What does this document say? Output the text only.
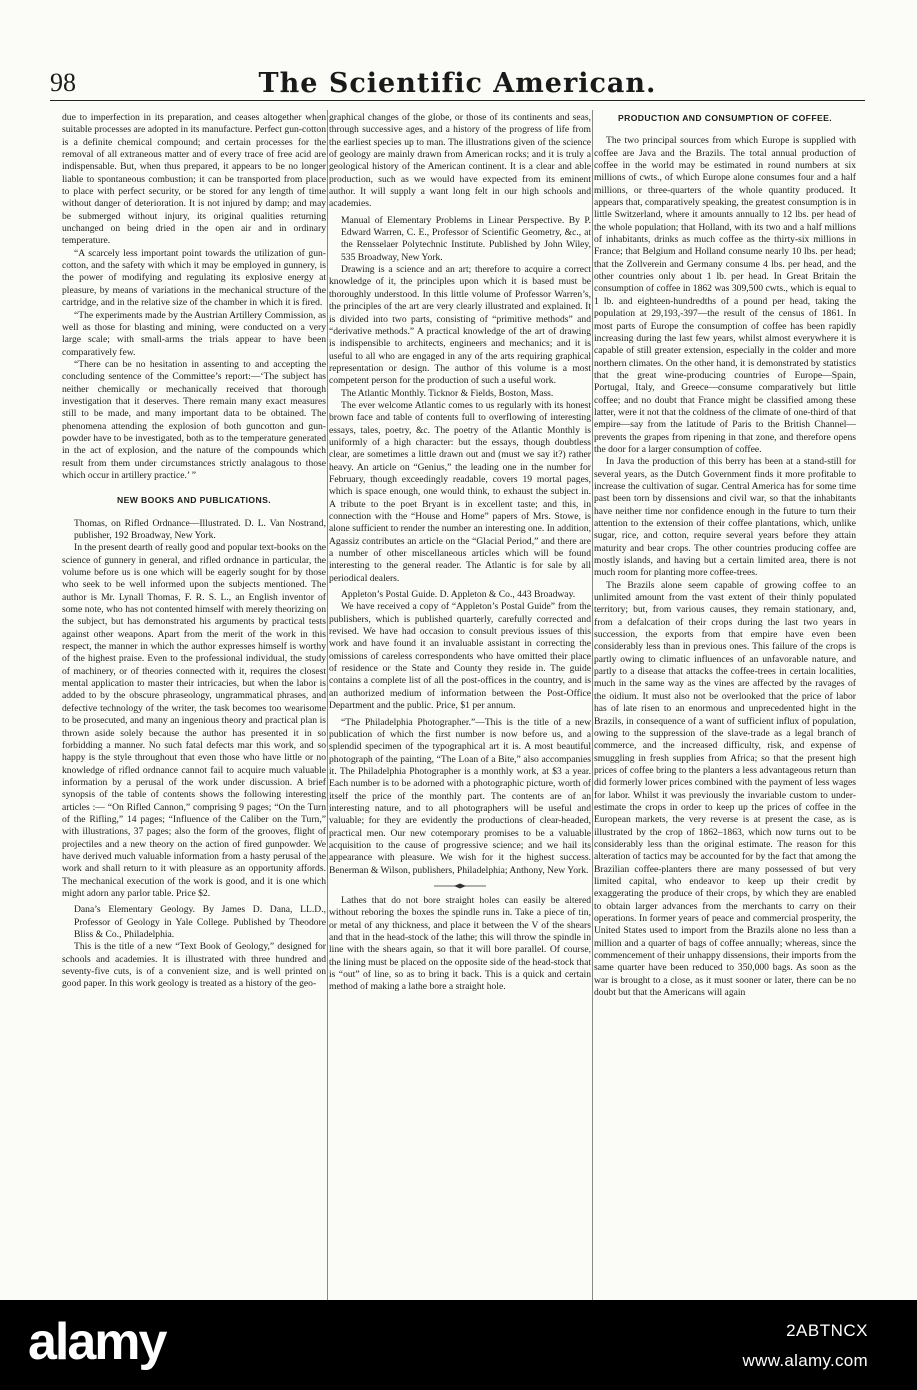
98	The Scientific American.

due to imperfection in its preparation, and ceases altogether when suitable processes are adopted in its manufacture. Perfect gun-cotton is a definite chemical compound; and certain processes for the removal of all extraneous matter and of every trace of free acid are indispensable. But, when thus prepared, it appears to be no longer liable to spontaneous combustion; it can be transported from place to place with perfect security, or be stored for any length of time without danger of deterioration. It is not injured by damp; and may be submerged without injury, its original qualities returning unchanged on being dried in the open air and in ordinary temperature.

“A scarcely less important point towards the utilization of gun-cotton, and the safety with which it may be employed in gunnery, is the power of modifying and regulating its explosive energy at pleasure, by means of variations in the mechanical structure of the cartridge, and in the relative size of the chamber in which it is fired.

“The experiments made by the Austrian Artillery Commission, as well as those for blasting and mining, were conducted on a very large scale; with small-arms the trials appear to have been comparatively few.

“There can be no hesitation in assenting to and accepting the concluding sentence of the Committee’s report:—‘The subject has neither chemically or mechanically received that thorough investigation that it deserves. There remain many exact measures still to be made, and many important data to be obtained. The phenomena attending the explosion of both guncotton and gun-powder have to be investigated, both as to the temperature generated in the act of explosion, and the nature of the compounds which result from them under circumstances strictly analagous to those which occur in artillery practice.’ ”

NEW BOOKS AND PUBLICATIONS.

Thomas, on Rifled Ordnance—Illustrated. D. L. Van Nostrand, publisher, 192 Broadway, New York.

In the present dearth of really good and popular text-books on the science of gunnery in general, and rifled ordnance in particular, the volume before us is one which will be eagerly sought for by those who seek to be well informed upon the subjects mentioned. The author is Mr. Lynall Thomas, F. R. S. L., an English inventor of some note, who has not contented himself with merely theorizing on the subject, but has demonstrated his arguments by practical tests against other weapons. Apart from the merit of the work in this respect, the manner in which the author expresses himself is worthy of the highest praise. Even to the professional individual, the study of machinery, or of theories connected with it, requires the closest mental application to master their intricacies, but when the labor is added to by the obscure phraseology, ungrammatical phrases, and defective technology of the writer, the task becomes too wearisome to be prosecuted, and many an ingenious theory and practical plan is thrown aside solely because the author has presented it in so forbidding a manner. No such fatal defects mar this work, and so happy is the style throughout that even those who have little or no knowledge of rifled ordnance cannot fail to acquire much valuable information by a perusal of the work under discussion. A brief synopsis of the table of contents shows the following interesting articles :— “On Rifled Cannon,” comprising 9 pages; “On the Turn of the Rifling,” 14 pages; “Influence of the Caliber on the Turn,” with illustrations, 37 pages; also the form of the grooves, flight of projectiles and a new theory on the action of fired gunpowder. We have derived much valuable information from a hasty perusal of the work and shall return to it with pleasure as an opportunity affords. The mechanical execution of the work is good, and it is one which might adorn any parlor table. Price $2.

Dana’s Elementary Geology. By James D. Dana, LL.D., Professor of Geology in Yale College. Published by Theodore Bliss & Co., Philadelphia.

This is the title of a new “Text Book of Geology,” designed for schools and academies. It is illustrated with three hundred and seventy-five cuts, is of a convenient size, and is well printed on good paper. In this work geology is treated as a history of the geo-

graphical changes of the globe, or those of its continents and seas, through successive ages, and a history of the progress of life from the earliest species up to man. The illustrations given of the science of geology are mainly drawn from American rocks; and it is truly a geological history of the American continent. It is a clear and able production, such as we would have expected from its eminent author. It will supply a want long felt in our high schools and academies.

Manual of Elementary Problems in Linear Perspective. By P. Edward Warren, C. E., Professor of Scientific Geometry, &c., at the Rensselaer Polytechnic Institute. Published by John Wiley, 535 Broadway, New York.

Drawing is a science and an art; therefore to acquire a correct knowledge of it, the principles upon which it is based must be thoroughly understood. In this little volume of Professor Warren’s, the principles of the art are very clearly illustrated and explained. It is divided into two parts, consisting of “primitive methods” and “derivative methods.” A practical knowledge of the art of drawing is indispensible to architects, engineers and mechanics; and it is useful to all who are engaged in any of the arts requiring graphical representation or design. The author of this volume is a most competent person for the production of such a useful work.

The Atlantic Monthly. Ticknor & Fields, Boston, Mass.

The ever welcome Atlantic comes to us regularly with its honest brown face and table of contents full to overflowing of interesting essays, tales, poetry, &c. The poetry of the Atlantic Monthly is uniformly of a high character: but the essays, though doubtless clear, are sometimes a little drawn out and (must we say it?) rather heavy. An article on “Genius,” the leading one in the number for February, though exceedingly readable, covers 19 mortal pages, which is space enough, one would think, to exhaust the subject in. A tribute to the poet Bryant is in excellent taste; and this, in connection with the “House and Home” papers of Mrs. Stowe, is alone sufficient to render the number an interesting one. In addition, Agassiz contributes an article on the “Glacial Period,” and there are a number of other miscellaneous articles which will be found interesting to the general reader. The Atlantic is for sale by all periodical dealers.

Appleton’s Postal Guide. D. Appleton & Co., 443 Broadway.

We have received a copy of “Appleton’s Postal Guide” from the publishers, which is published quarterly, carefully corrected and revised. We have had occasion to consult previous issues of this work and have found it an invaluable assistant in correcting the omissions of careless correspondents who have omitted their place of residence or the State and County they reside in. The guide contains a complete list of all the post-offices in the country, and is an authorized medium of information between the Post-Office Department and the public. Price, $1 per annum.

“The Philadelphia Photographer.”—This is the title of a new publication of which the first number is now before us, and a splendid specimen of the typographical art it is. A most beautiful photograph of the painting, “The Loan of a Bite,” also accompanies it. The Philadelphia Photographer is a monthly work, at $3 a year. Each number is to be adorned with a photographic picture, worth of itself the price of the monthly part. The contents are of an interesting nature, and to all photographers will be useful and valuable; for they are evidently the productions of clear-headed, practical men. Our new cotemporary promises to be a valuable acquisition to the cause of progressive science; and we hail its appearance with pleasure. We wish for it the highest success. Benerman & Wilson, publishers, Philadelphia; Anthony, New York.

Lathes that do not bore straight holes can easily be altered without reboring the boxes the spindle runs in. Take a piece of tin, or metal of any thickness, and place it between the V of the shears and that in the head-stock of the lathe; this will throw the spindle in line with the shears again, so that it will bore parallel. Of course, the lining must be placed on the opposite side of the head-stock that is “out” of line, so as to bring it back. This is a quick and certain method of making a lathe bore a straight hole.

PRODUCTION AND CONSUMPTION OF COFFEE.

The two principal sources from which Europe is supplied with coffee are Java and the Brazils. The total annual production of coffee in the world may be estimated in round numbers at six millions of cwts., of which Europe alone consumes four and a half millions, or three-quarters of the whole quantity produced. It appears that, comparatively speaking, the greatest consumption is in little Switzerland, where it amounts annually to 12 lbs. per head of the whole population; that Holland, with its two and a half millions of inhabitants, drinks as much coffee as the thirty-six millions in France; that Belgium and Holland consume nearly 10 lbs. per head; that the Zollverein and Germany consume 4 lbs. per head, and the other countries only about 1 lb. per head. In Great Britain the consumption of coffee in 1862 was 309,500 cwts., which is equal to 1 lb. and eighteen-hundredths of a pound per head, taking the population at 29,193,-397—the result of the census of 1861. In most parts of Europe the consumption of coffee has been rapidly increasing during the last few years, whilst almost everywhere it is capable of still greater extension, especially in the colder and more northern climates. On the other hand, it is demonstrated by statistics that the great wine-producing countries of Europe—Spain, Portugal, Italy, and Greece—consume comparatively but little coffee; and no doubt that France might be classified among these latter, were it not that the coldness of the climate of one-third of that empire—say from the latitude of Paris to the British Channel—prevents the grapes from ripening in that zone, and therefore opens the door for a larger consumption of coffee.

In Java the production of this berry has been at a stand-still for several years, as the Dutch Government finds it more profitable to increase the cultivation of sugar. Central America has for some time past been torn by dissensions and civil war, so that the inhabitants have neither time nor confidence enough in the future to turn their attention to the extension of their coffee plantations, which, unlike sugar, rice, and cotton, require several years before they attain maturity and bear crops. The other countries producing coffee are mostly islands, and having but a certain limited area, there is not much room for planting more coffee-trees.

The Brazils alone seem capable of growing coffee to an unlimited amount from the vast extent of their thinly populated territory; but, from various causes, they remain stationary, and, from a defalcation of their crops during the last two years in succession, the exports from that empire have even been considerably less than in previous ones. This failure of the crops is partly owing to climatic influences of an unfavorable nature, and partly to a disease that attacks the coffee-trees in certain localities, much in the same way as the vines are affected by the ravages of the oidium. It must also not be overlooked that the price of labor has of late risen to an enormous and unprecedented hight in the Brazils, in consequence of a want of sufficient influx of population, owing to the suppression of the slave-trade as a legal branch of commerce, and the increased difficulty, risk, and expense of smuggling in fresh supplies from Africa; so that the present high prices of coffee bring to the planters a less advantageous return than did formerly lower prices combined with the payment of less wages for labor. Whilst it was previously the invariable custom to under-estimate the crops in order to keep up the prices of coffee in the European markets, the very reverse is at present the case, as is illustrated by the crop of 1862–1863, which now turns out to be considerably less than the original estimate. The reason for this alteration of tactics may be accounted for by the fact that among the Brazilian coffee-planters there are many possessed of but very limited capital, who endeavor to keep up their credit by exaggerating the produce of their crops, by which they are enabled to obtain larger advances from the merchants to carry on their operations. In former years of peace and commercial prosperity, the United States used to import from the Brazils alone no less than a million and a quarter of bags of coffee annually; whereas, since the commencement of their unhappy dissensions, their imports from the same quarter have been reduced to 350,000 bags. As soon as the war is brought to a close, as it must sooner or later, there can be no doubt but that the Americans will again

alamy	2ABTNCX
www.alamy.com
